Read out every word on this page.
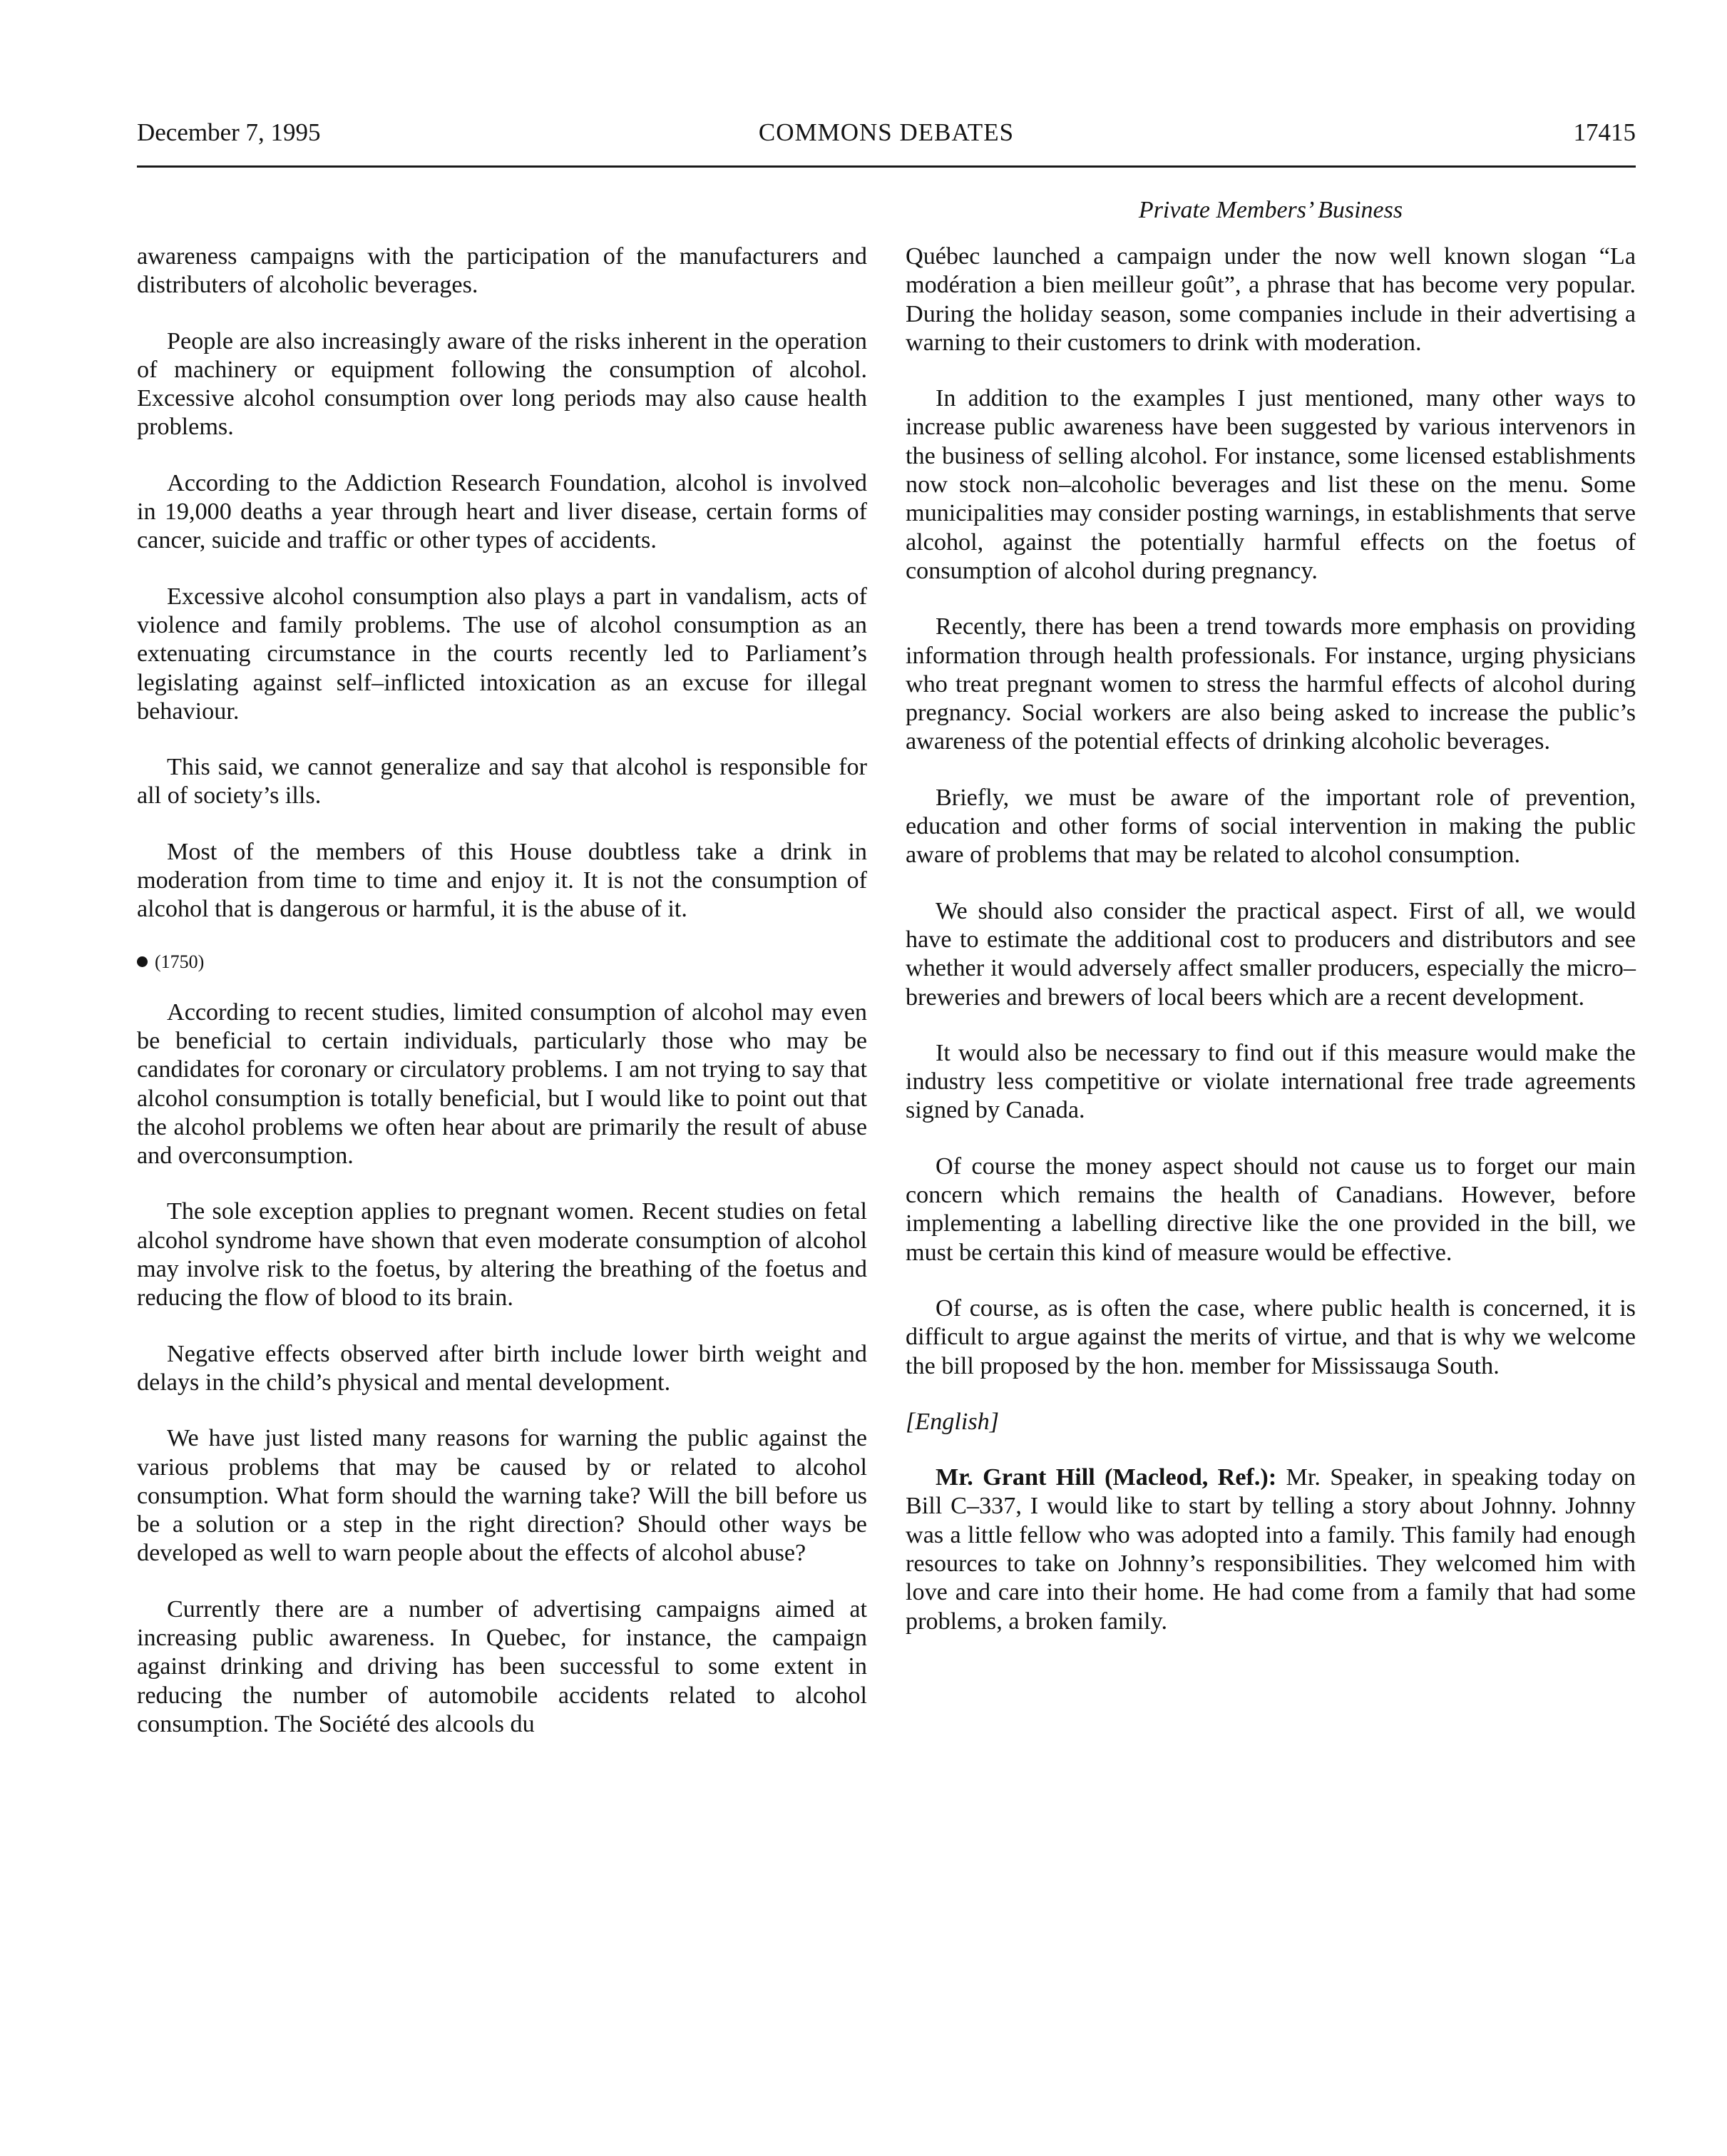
December 7, 1995	COMMONS DEBATES	17415
Private Members’ Business

awareness campaigns with the participation of the manufacturers and distributers of alcoholic beverages.

People are also increasingly aware of the risks inherent in the operation of machinery or equipment following the consumption of alcohol. Excessive alcohol consumption over long periods may also cause health problems.

According to the Addiction Research Foundation, alcohol is involved in 19,000 deaths a year through heart and liver disease, certain forms of cancer, suicide and traffic or other types of accidents.

Excessive alcohol consumption also plays a part in vandalism, acts of violence and family problems. The use of alcohol consumption as an extenuating circumstance in the courts recently led to Parliament’s legislating against self–inflicted intoxication as an excuse for illegal behaviour.

This said, we cannot generalize and say that alcohol is responsible for all of society’s ills.

Most of the members of this House doubtless take a drink in moderation from time to time and enjoy it. It is not the consumption of alcohol that is dangerous or harmful, it is the abuse of it.

(1750)

According to recent studies, limited consumption of alcohol may even be beneficial to certain individuals, particularly those who may be candidates for coronary or circulatory problems. I am not trying to say that alcohol consumption is totally beneficial, but I would like to point out that the alcohol problems we often hear about are primarily the result of abuse and overconsumption.

The sole exception applies to pregnant women. Recent studies on fetal alcohol syndrome have shown that even moderate consumption of alcohol may involve risk to the foetus, by altering the breathing of the foetus and reducing the flow of blood to its brain.

Negative effects observed after birth include lower birth weight and delays in the child’s physical and mental development.

We have just listed many reasons for warning the public against the various problems that may be caused by or related to alcohol consumption. What form should the warning take? Will the bill before us be a solution or a step in the right direction? Should other ways be developed as well to warn people about the effects of alcohol abuse?

Currently there are a number of advertising campaigns aimed at increasing public awareness. In Quebec, for instance, the campaign against drinking and driving has been successful to some extent in reducing the number of automobile accidents related to alcohol consumption. The Société des alcools du

Québec launched a campaign under the now well known slogan “La modération a bien meilleur goût”, a phrase that has become very popular. During the holiday season, some companies include in their advertising a warning to their customers to drink with moderation.

In addition to the examples I just mentioned, many other ways to increase public awareness have been suggested by various intervenors in the business of selling alcohol. For instance, some licensed establishments now stock non–alcoholic beverages and list these on the menu. Some municipalities may consider posting warnings, in establishments that serve alcohol, against the potentially harmful effects on the foetus of consumption of alcohol during pregnancy.

Recently, there has been a trend towards more emphasis on providing information through health professionals. For instance, urging physicians who treat pregnant women to stress the harmful effects of alcohol during pregnancy. Social workers are also being asked to increase the public’s awareness of the potential effects of drinking alcoholic beverages.

Briefly, we must be aware of the important role of prevention, education and other forms of social intervention in making the public aware of problems that may be related to alcohol consumption.

We should also consider the practical aspect. First of all, we would have to estimate the additional cost to producers and distributors and see whether it would adversely affect smaller producers, especially the micro–breweries and brewers of local beers which are a recent development.

It would also be necessary to find out if this measure would make the industry less competitive or violate international free trade agreements signed by Canada.

Of course the money aspect should not cause us to forget our main concern which remains the health of Canadians. However, before implementing a labelling directive like the one provided in the bill, we must be certain this kind of measure would be effective.

Of course, as is often the case, where public health is concerned, it is difficult to argue against the merits of virtue, and that is why we welcome the bill proposed by the hon. member for Mississauga South.

[English]

Mr. Grant Hill (Macleod, Ref.): Mr. Speaker, in speaking today on Bill C–337, I would like to start by telling a story about Johnny. Johnny was a little fellow who was adopted into a family. This family had enough resources to take on Johnny’s responsibilities. They welcomed him with love and care into their home. He had come from a family that had some problems, a broken family.
